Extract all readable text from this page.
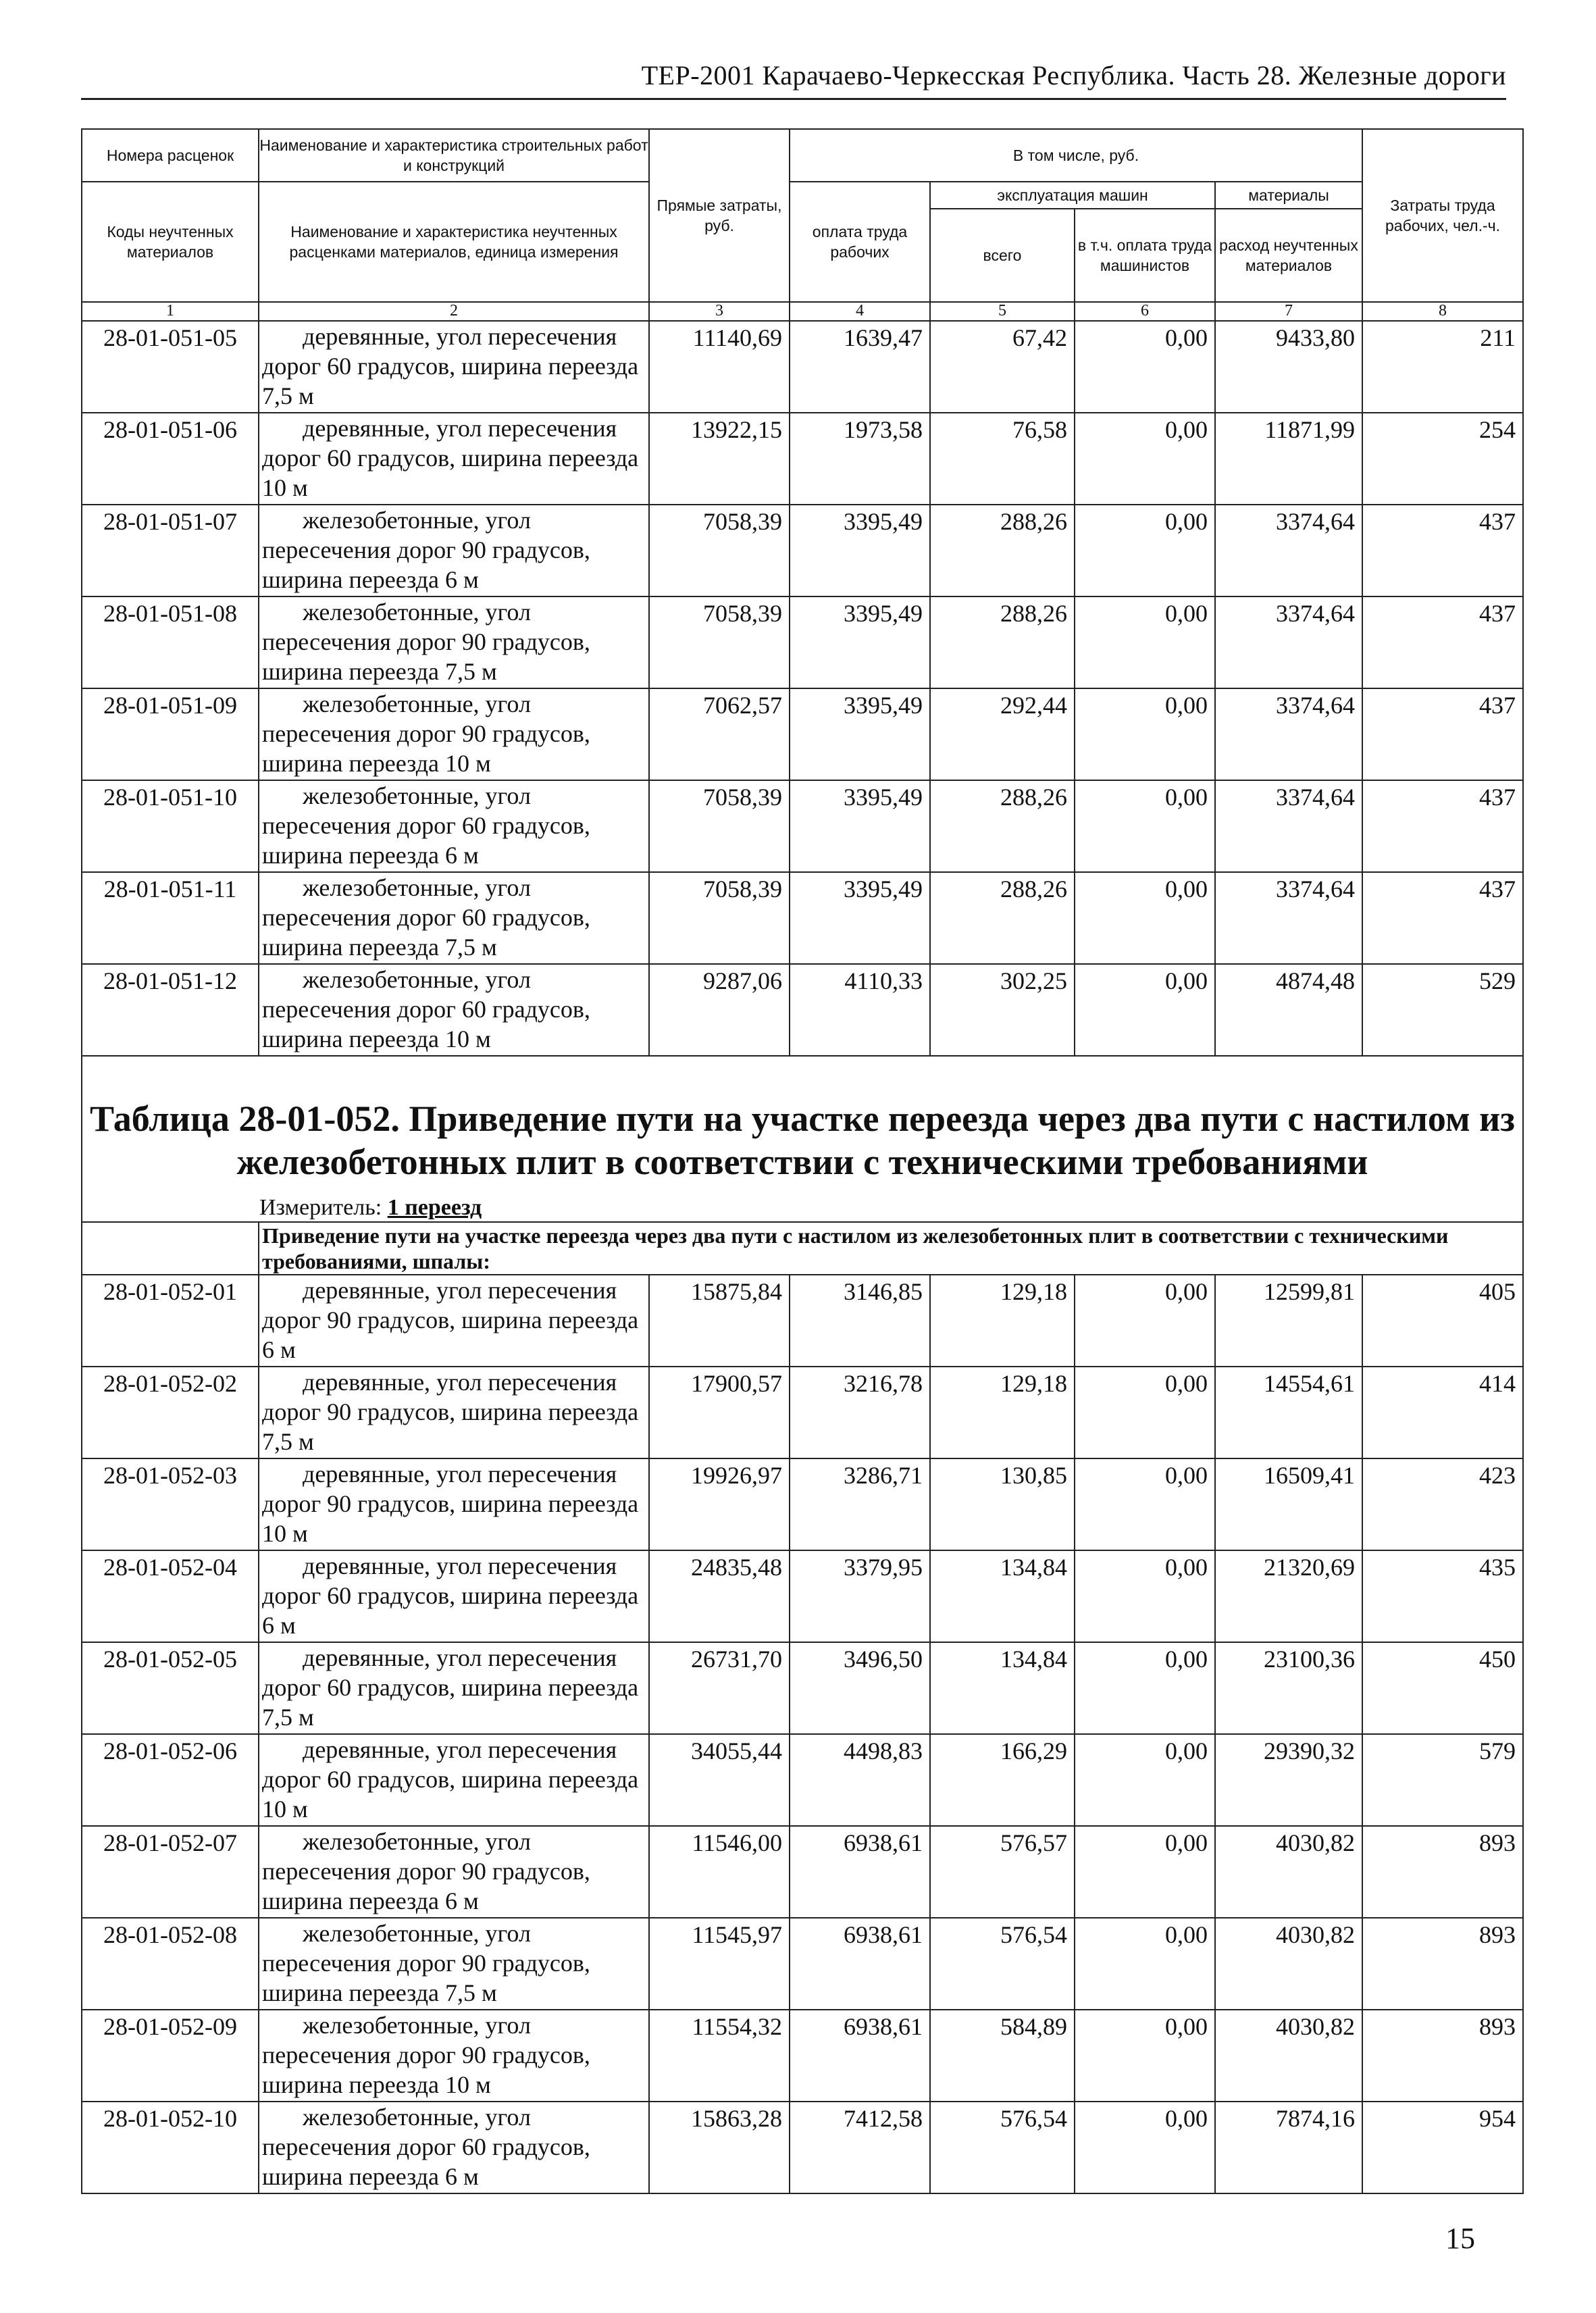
ТЕР-2001 Карачаево-Черкесская Республика. Часть 28. Железные дороги
Номера расценок	Наименование и характеристика строительных работ и конструкций	Прямые затраты, руб.	В том числе, руб.				Затраты труда рабочих, чел.-ч.
Коды неучтенных материалов	Наименование и характеристика неучтенных расценками материалов, единица измерения		оплата труда рабочих	эксплуатация машин		материалы	
				всего	в т.ч. оплата труда машинистов	расход неучтенных материалов	
1	2	3	4	5	6	7	8
28-01-051-05	деревянные, угол пересечения дорог 60 градусов, ширина переезда 7,5 м	11140,69	1639,47	67,42	0,00	9433,80	211
28-01-051-06	деревянные, угол пересечения дорог 60 градусов, ширина переезда 10 м	13922,15	1973,58	76,58	0,00	11871,99	254
28-01-051-07	железобетонные, угол пересечения дорог 90 градусов, ширина переезда 6 м	7058,39	3395,49	288,26	0,00	3374,64	437
28-01-051-08	железобетонные, угол пересечения дорог 90 градусов, ширина переезда 7,5 м	7058,39	3395,49	288,26	0,00	3374,64	437
28-01-051-09	железобетонные, угол пересечения дорог 90 градусов, ширина переезда 10 м	7062,57	3395,49	292,44	0,00	3374,64	437
28-01-051-10	железобетонные, угол пересечения дорог 60 градусов, ширина переезда 6 м	7058,39	3395,49	288,26	0,00	3374,64	437
28-01-051-11	железобетонные, угол пересечения дорог 60 градусов, ширина переезда 7,5 м	7058,39	3395,49	288,26	0,00	3374,64	437
28-01-051-12	железобетонные, угол пересечения дорог 60 градусов, ширина переезда 10 м	9287,06	4110,33	302,25	0,00	4874,48	529

Таблица 28-01-052. Приведение пути на участке переезда через два пути с настилом из железобетонных плит в соответствии с техническими требованиями							
Измеритель: 1 переезд							
	Приведение пути на участке переезда через два пути с настилом из железобетонных плит в соответствии с техническими требованиями, шпалы:						
28-01-052-01	деревянные, угол пересечения дорог 90 градусов, ширина переезда 6 м	15875,84	3146,85	129,18	0,00	12599,81	405
28-01-052-02	деревянные, угол пересечения дорог 90 градусов, ширина переезда 7,5 м	17900,57	3216,78	129,18	0,00	14554,61	414
28-01-052-03	деревянные, угол пересечения дорог 90 градусов, ширина переезда 10 м	19926,97	3286,71	130,85	0,00	16509,41	423
28-01-052-04	деревянные, угол пересечения дорог 60 градусов, ширина переезда 6 м	24835,48	3379,95	134,84	0,00	21320,69	435
28-01-052-05	деревянные, угол пересечения дорог 60 градусов, ширина переезда 7,5 м	26731,70	3496,50	134,84	0,00	23100,36	450
28-01-052-06	деревянные, угол пересечения дорог 60 градусов, ширина переезда 10 м	34055,44	4498,83	166,29	0,00	29390,32	579
28-01-052-07	железобетонные, угол пересечения дорог 90 градусов, ширина переезда 6 м	11546,00	6938,61	576,57	0,00	4030,82	893
28-01-052-08	железобетонные, угол пересечения дорог 90 градусов, ширина переезда 7,5 м	11545,97	6938,61	576,54	0,00	4030,82	893
28-01-052-09	железобетонные, угол пересечения дорог 90 градусов, ширина переезда 10 м	11554,32	6938,61	584,89	0,00	4030,82	893
28-01-052-10	железобетонные, угол пересечения дорог 60 градусов, ширина переезда 6 м	15863,28	7412,58	576,54	0,00	7874,16	954
15
